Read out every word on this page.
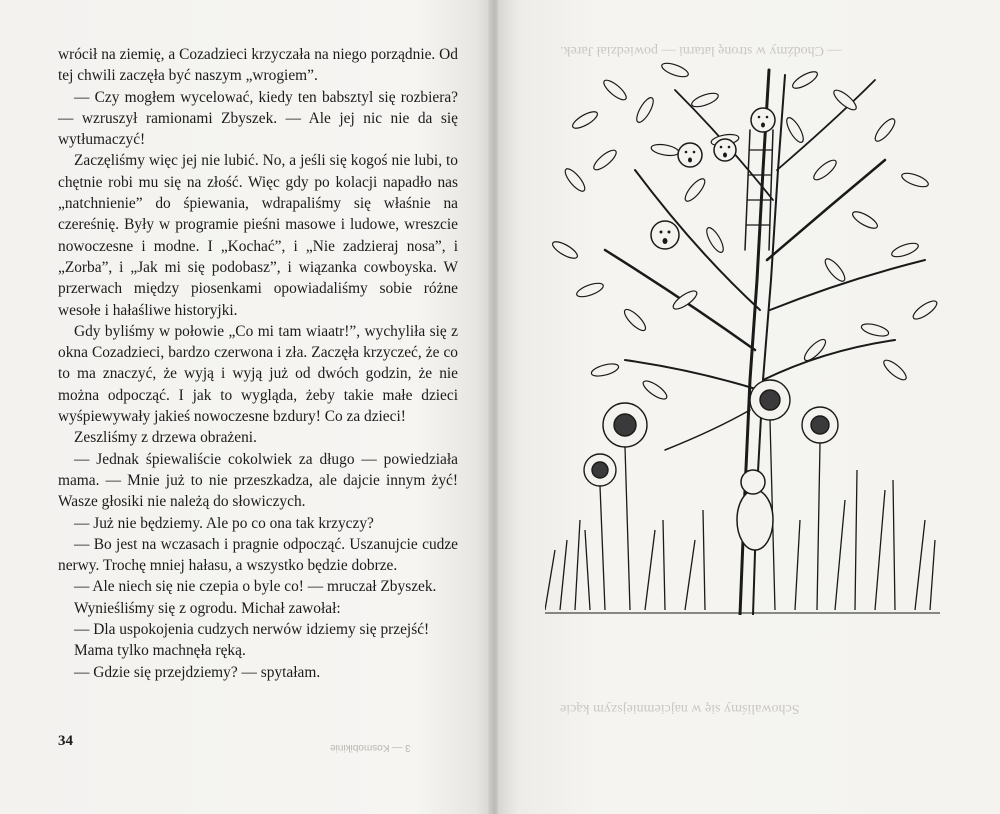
wrócił na ziemię, a Cozadzieci krzyczała na niego porządnie. Od tej chwili zaczęła być naszym „wrogiem”.

— Czy mogłem wycelować, kiedy ten babsztyl się rozbiera? — wzruszył ramionami Zbyszek. — Ale jej nic nie da się wytłumaczyć!

Zaczęliśmy więc jej nie lubić. No, a jeśli się kogoś nie lubi, to chętnie robi mu się na złość. Więc gdy po kolacji napadło nas „natchnienie” do śpiewania, wdrapaliśmy się właśnie na czereśnię. Były w programie pieśni masowe i ludowe, wreszcie nowoczesne i modne. I „Kochać”, i „Nie zadzieraj nosa”, i „Zorba”, i „Jak mi się podobasz”, i wiązanka cowboyska. W przerwach między piosenkami opowiadaliśmy sobie różne wesołe i hałaśliwe historyjki.

Gdy byliśmy w połowie „Co mi tam wiaatr!”, wychyliła się z okna Cozadzieci, bardzo czerwona i zła. Zaczęła krzyczeć, że co to ma znaczyć, że wyją i wyją już od dwóch godzin, że nie można odpocząć. I jak to wygląda, żeby takie małe dzieci wyśpiewywały jakieś nowoczesne bzdury! Co za dzieci!

Zeszliśmy z drzewa obrażeni.

— Jednak śpiewaliście cokolwiek za długo — powiedziała mama. — Mnie już to nie przeszkadza, ale dajcie innym żyć! Wasze głosiki nie należą do słowiczych.

— Już nie będziemy. Ale po co ona tak krzyczy?

— Bo jest na wczasach i pragnie odpocząć. Uszanujcie cudze nerwy. Trochę mniej hałasu, a wszystko będzie dobrze.

— Ale niech się nie czepia o byle co! — mruczał Zbyszek.

Wynieśliśmy się z ogrodu. Michał zawołał:

— Dla uspokojenia cudzych nerwów idziemy się przejść!

Mama tylko machnęła ręką.

— Gdzie się przejdziemy? — spytałam.

34	3 — Kosmobikinie
— Chodźmy w stronę latarni — powiedział Jarek.
Schowaliśmy się w najciemniejszym kącie
